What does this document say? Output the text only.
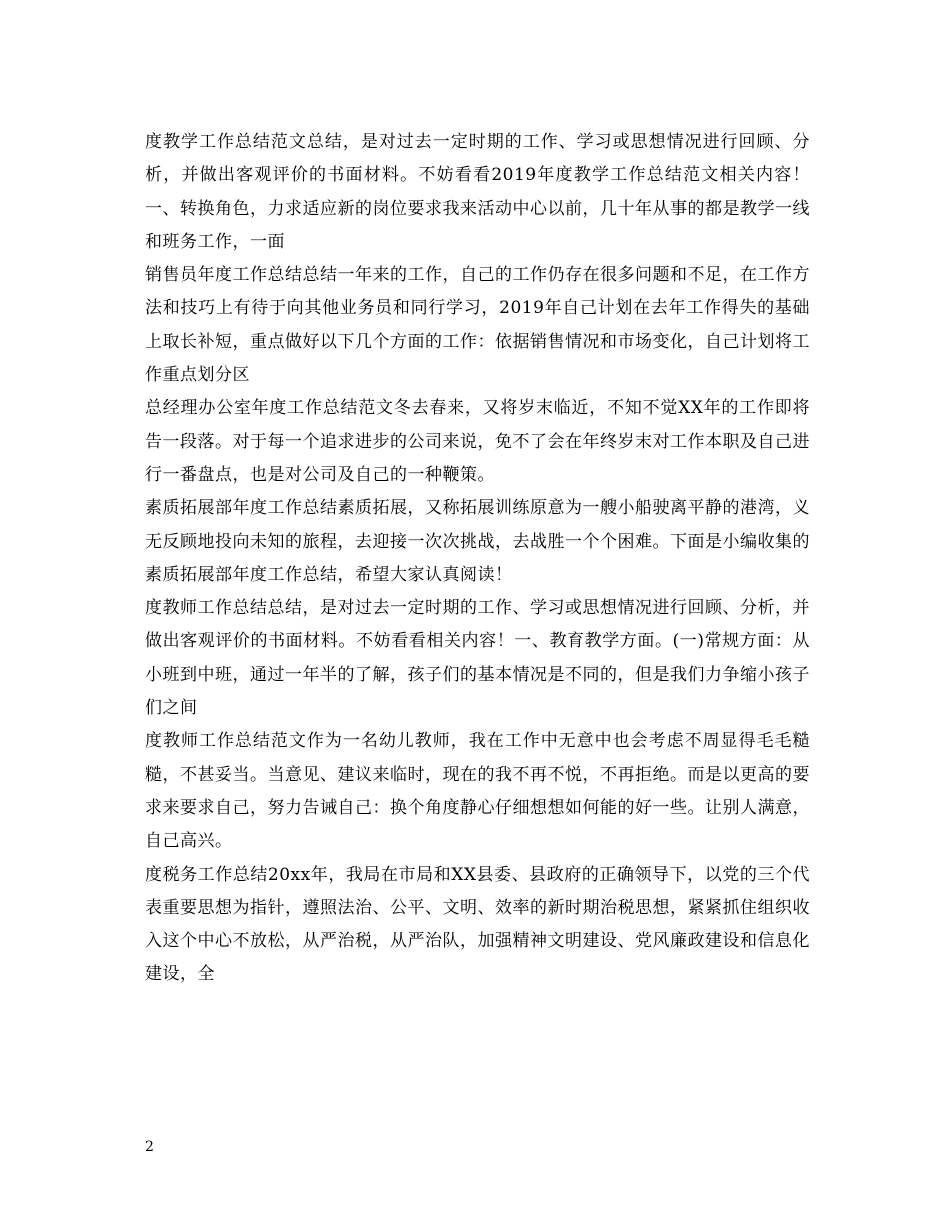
度教学工作总结范文总结，是对过去一定时期的工作、学习或思想情况进行回顾、分析，并做出客观评价的书面材料。不妨看看2019年度教学工作总结范文相关内容！一、转换角色，力求适应新的岗位要求我来活动中心以前，几十年从事的都是教学一线和班务工作，一面

销售员年度工作总结总结一年来的工作，自己的工作仍存在很多问题和不足，在工作方法和技巧上有待于向其他业务员和同行学习，2019年自己计划在去年工作得失的基础上取长补短，重点做好以下几个方面的工作：依据销售情况和市场变化，自己计划将工作重点划分区

总经理办公室年度工作总结范文冬去春来，又将岁末临近，不知不觉XX年的工作即将告一段落。对于每一个追求进步的公司来说，免不了会在年终岁末对工作本职及自己进行一番盘点，也是对公司及自己的一种鞭策。

素质拓展部年度工作总结素质拓展，又称拓展训练原意为一艘小船驶离平静的港湾，义无反顾地投向未知的旅程，去迎接一次次挑战，去战胜一个个困难。下面是小编收集的素质拓展部年度工作总结，希望大家认真阅读！

度教师工作总结总结，是对过去一定时期的工作、学习或思想情况进行回顾、分析，并做出客观评价的书面材料。不妨看看相关内容！一、教育教学方面。(一)常规方面：从小班到中班，通过一年半的了解，孩子们的基本情况是不同的，但是我们力争缩小孩子们之间

度教师工作总结范文作为一名幼儿教师，我在工作中无意中也会考虑不周显得毛毛糙糙，不甚妥当。当意见、建议来临时，现在的我不再不悦，不再拒绝。而是以更高的要求来要求自己，努力告诫自己：换个角度静心仔细想想如何能的好一些。让别人满意，自己高兴。

度税务工作总结20xx年，我局在市局和XX县委、县政府的正确领导下，以党的三个代表重要思想为指针，遵照法治、公平、文明、效率的新时期治税思想，紧紧抓住组织收入这个中心不放松，从严治税，从严治队，加强精神文明建设、党风廉政建设和信息化建设，全

2
